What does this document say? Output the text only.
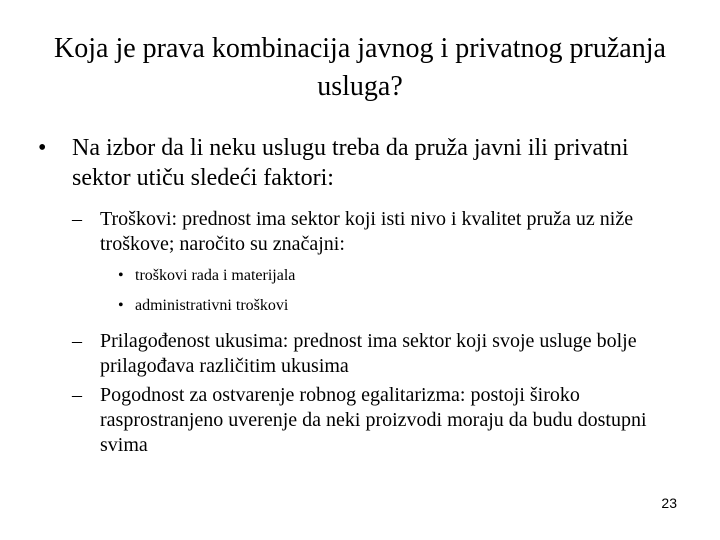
Koja je prava kombinacija javnog i privatnog pružanja usluga?
•	Na izbor da li neku uslugu treba da pruža javni ili privatni sektor utiču sledeći faktori:
– Troškovi: prednost ima sektor koji isti nivo i kvalitet pruža uz niže troškove; naročito su značajni:
• troškovi rada i materijala
• administrativni troškovi
– Prilagođenost ukusima: prednost ima sektor koji svoje usluge bolje prilagođava različitim ukusima
– Pogodnost za ostvarenje robnog egalitarizma: postoji široko rasprostranjeno uverenje da neki proizvodi moraju da budu dostupni svima
23
